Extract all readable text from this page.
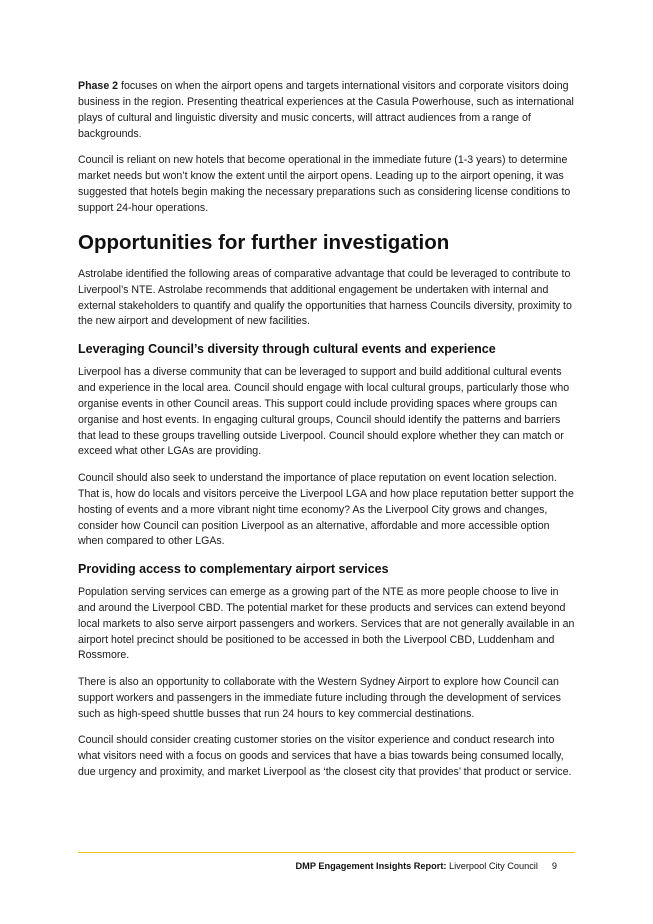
Phase 2 focuses on when the airport opens and targets international visitors and corporate visitors doing business in the region. Presenting theatrical experiences at the Casula Powerhouse, such as international plays of cultural and linguistic diversity and music concerts, will attract audiences from a range of backgrounds.

Council is reliant on new hotels that become operational in the immediate future (1-3 years) to determine market needs but won’t know the extent until the airport opens. Leading up to the airport opening, it was suggested that hotels begin making the necessary preparations such as considering license conditions to support 24-hour operations.

Opportunities for further investigation

Astrolabe identified the following areas of comparative advantage that could be leveraged to contribute to Liverpool’s NTE. Astrolabe recommends that additional engagement be undertaken with internal and external stakeholders to quantify and qualify the opportunities that harness Councils diversity, proximity to the new airport and development of new facilities.

Leveraging Council’s diversity through cultural events and experience

Liverpool has a diverse community that can be leveraged to support and build additional cultural events and experience in the local area. Council should engage with local cultural groups, particularly those who organise events in other Council areas. This support could include providing spaces where groups can organise and host events. In engaging cultural groups, Council should identify the patterns and barriers that lead to these groups travelling outside Liverpool. Council should explore whether they can match or exceed what other LGAs are providing.

Council should also seek to understand the importance of place reputation on event location selection. That is, how do locals and visitors perceive the Liverpool LGA and how place reputation better support the hosting of events and a more vibrant night time economy? As the Liverpool City grows and changes, consider how Council can position Liverpool as an alternative, affordable and more accessible option when compared to other LGAs.

Providing access to complementary airport services

Population serving services can emerge as a growing part of the NTE as more people choose to live in and around the Liverpool CBD. The potential market for these products and services can extend beyond local markets to also serve airport passengers and workers. Services that are not generally available in an airport hotel precinct should be positioned to be accessed in both the Liverpool CBD, Luddenham and Rossmore.

There is also an opportunity to collaborate with the Western Sydney Airport to explore how Council can support workers and passengers in the immediate future including through the development of services such as high-speed shuttle busses that run 24 hours to key commercial destinations.

Council should consider creating customer stories on the visitor experience and conduct research into what visitors need with a focus on goods and services that have a bias towards being consumed locally, due urgency and proximity, and market Liverpool as ‘the closest city that provides’ that product or service.

DMP Engagement Insights Report: Liverpool City Council 9
